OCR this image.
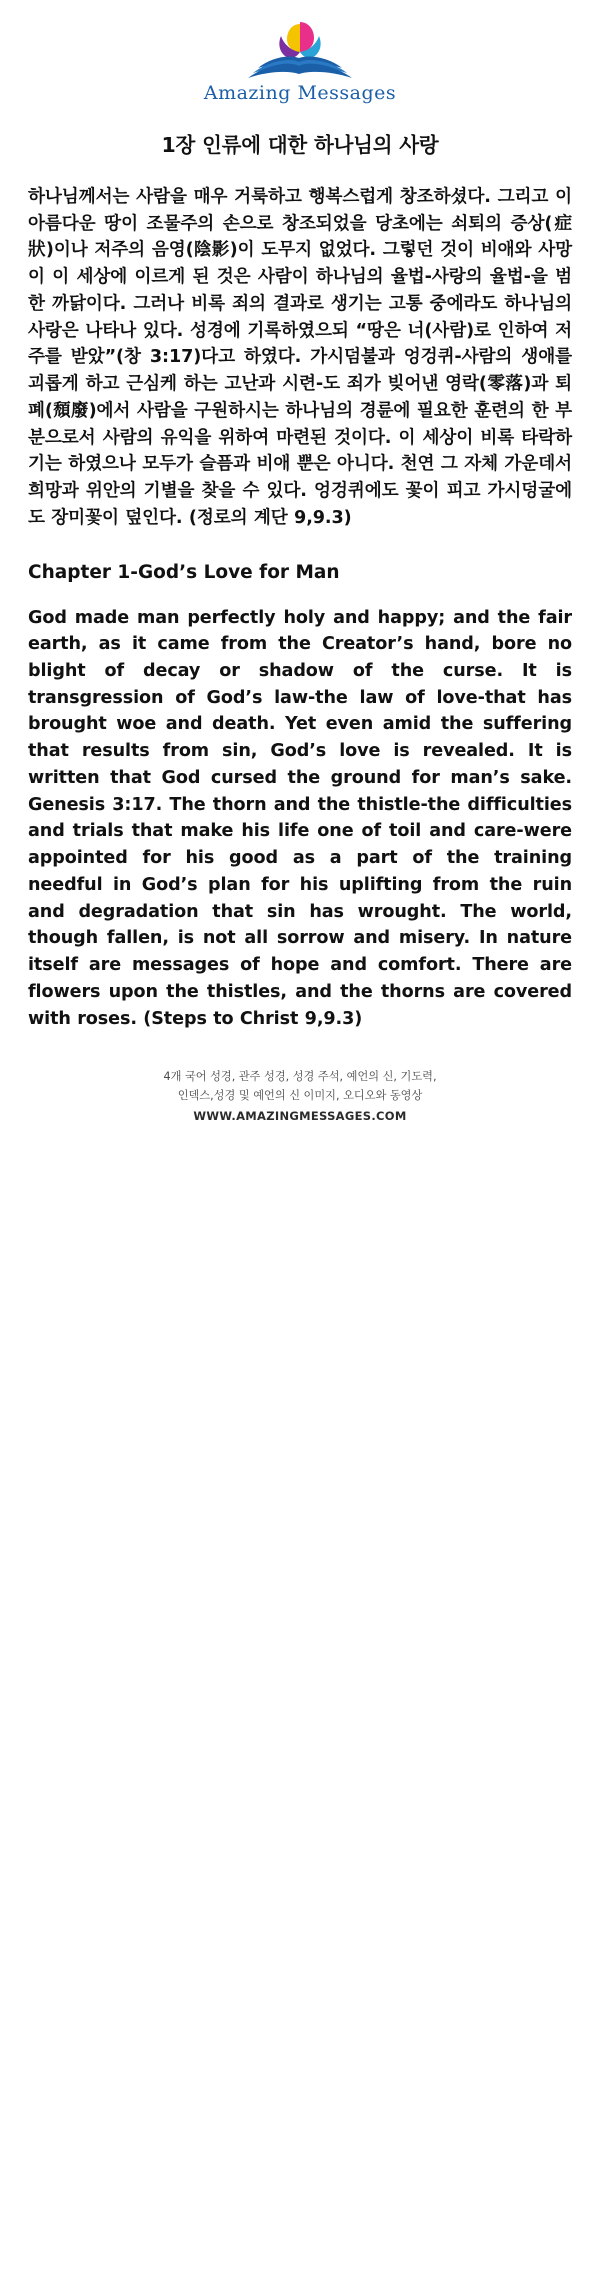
Amazing Messages
1장 인류에 대한 하나님의 사랑

하나님께서는 사람을 매우 거룩하고 행복스럽게 창조하셨다. 그리고 이 아름다운 땅이 조물주의 손으로 창조되었을 당초에는 쇠퇴의 증상(症狀)이나 저주의 음영(陰影)이 도무지 없었다. 그렇던 것이 비애와 사망이 이 세상에 이르게 된 것은 사람이 하나님의 율법-사랑의 율법-을 범한 까닭이다. 그러나 비록 죄의 결과로 생기는 고통 중에라도 하나님의 사랑은 나타나 있다. 성경에 기록하였으되 “땅은 너(사람)로 인하여 저주를 받았”(창 3:17)다고 하였다. 가시덤불과 엉겅퀴-사람의 생애를 괴롭게 하고 근심케 하는 고난과 시련-도 죄가 빚어낸 영락(零落)과 퇴폐(頹廢)에서 사람을 구원하시는 하나님의 경륜에 필요한 훈련의 한 부분으로서 사람의 유익을 위하여 마련된 것이다. 이 세상이 비록 타락하기는 하였으나 모두가 슬픔과 비애 뿐은 아니다. 천연 그 자체 가운데서 희망과 위안의 기별을 찾을 수 있다. 엉겅퀴에도 꽃이 피고 가시덩굴에도 장미꽃이 덮인다. (정로의 계단 9,9.3)

Chapter 1-God’s Love for Man

God made man perfectly holy and happy; and the fair earth, as it came from the Creator’s hand, bore no blight of decay or shadow of the curse. It is transgression of God’s law-the law of love-that has brought woe and death. Yet even amid the suffering that results from sin, God’s love is revealed. It is written that God cursed the ground for man’s sake. Genesis 3:17. The thorn and the thistle-the difficulties and trials that make his life one of toil and care-were appointed for his good as a part of the training needful in God’s plan for his uplifting from the ruin and degradation that sin has wrought. The world, though fallen, is not all sorrow and misery. In nature itself are messages of hope and comfort. There are flowers upon the thistles, and the thorns are covered with roses. (Steps to Christ 9,9.3)

4개 국어 성경, 관주 성경, 성경 주석, 예언의 신, 기도력,
인덱스,성경 및 예언의 신 이미지, 오디오와 동영상
WWW.AMAZINGMESSAGES.COM
